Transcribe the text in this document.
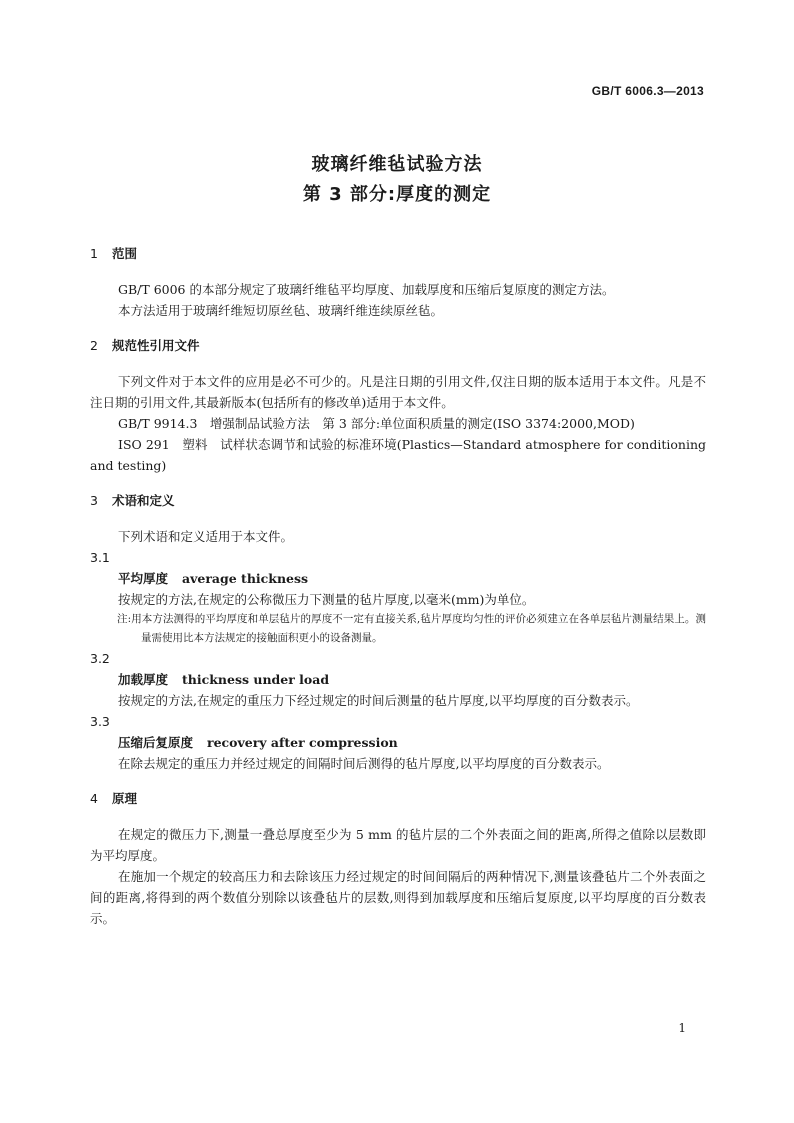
GB/T 6006.3—2013
玻璃纤维毡试验方法
第 3 部分:厚度的测定

1	范围

GB/T 6006 的本部分规定了玻璃纤维毡平均厚度、加载厚度和压缩后复原度的测定方法。

本方法适用于玻璃纤维短切原丝毡、玻璃纤维连续原丝毡。

2	规范性引用文件

下列文件对于本文件的应用是必不可少的。凡是注日期的引用文件,仅注日期的版本适用于本文件。凡是不注日期的引用文件,其最新版本(包括所有的修改单)适用于本文件。

GB/T 9914.3　增强制品试验方法　第 3 部分:单位面积质量的测定(ISO 3374:2000,MOD)

ISO 291　塑料　试样状态调节和试验的标准环境(Plastics—Standard atmosphere for conditioning and testing)

3	术语和定义

下列术语和定义适用于本文件。

3.1

平均厚度 average thickness

按规定的方法,在规定的公称微压力下测量的毡片厚度,以毫米(mm)为单位。

注:用本方法测得的平均厚度和单层毡片的厚度不一定有直接关系,毡片厚度均匀性的评价必须建立在各单层毡片测量结果上。测量需使用比本方法规定的接触面积更小的设备测量。

3.2

加载厚度 thickness under load

按规定的方法,在规定的重压力下经过规定的时间后测量的毡片厚度,以平均厚度的百分数表示。

3.3

压缩后复原度 recovery after compression

在除去规定的重压力并经过规定的间隔时间后测得的毡片厚度,以平均厚度的百分数表示。

4	原理

在规定的微压力下,测量一叠总厚度至少为 5 mm 的毡片层的二个外表面之间的距离,所得之值除以层数即为平均厚度。

在施加一个规定的较高压力和去除该压力经过规定的时间间隔后的两种情况下,测量该叠毡片二个外表面之间的距离,将得到的两个数值分别除以该叠毡片的层数,则得到加载厚度和压缩后复原度,以平均厚度的百分数表示。

1
